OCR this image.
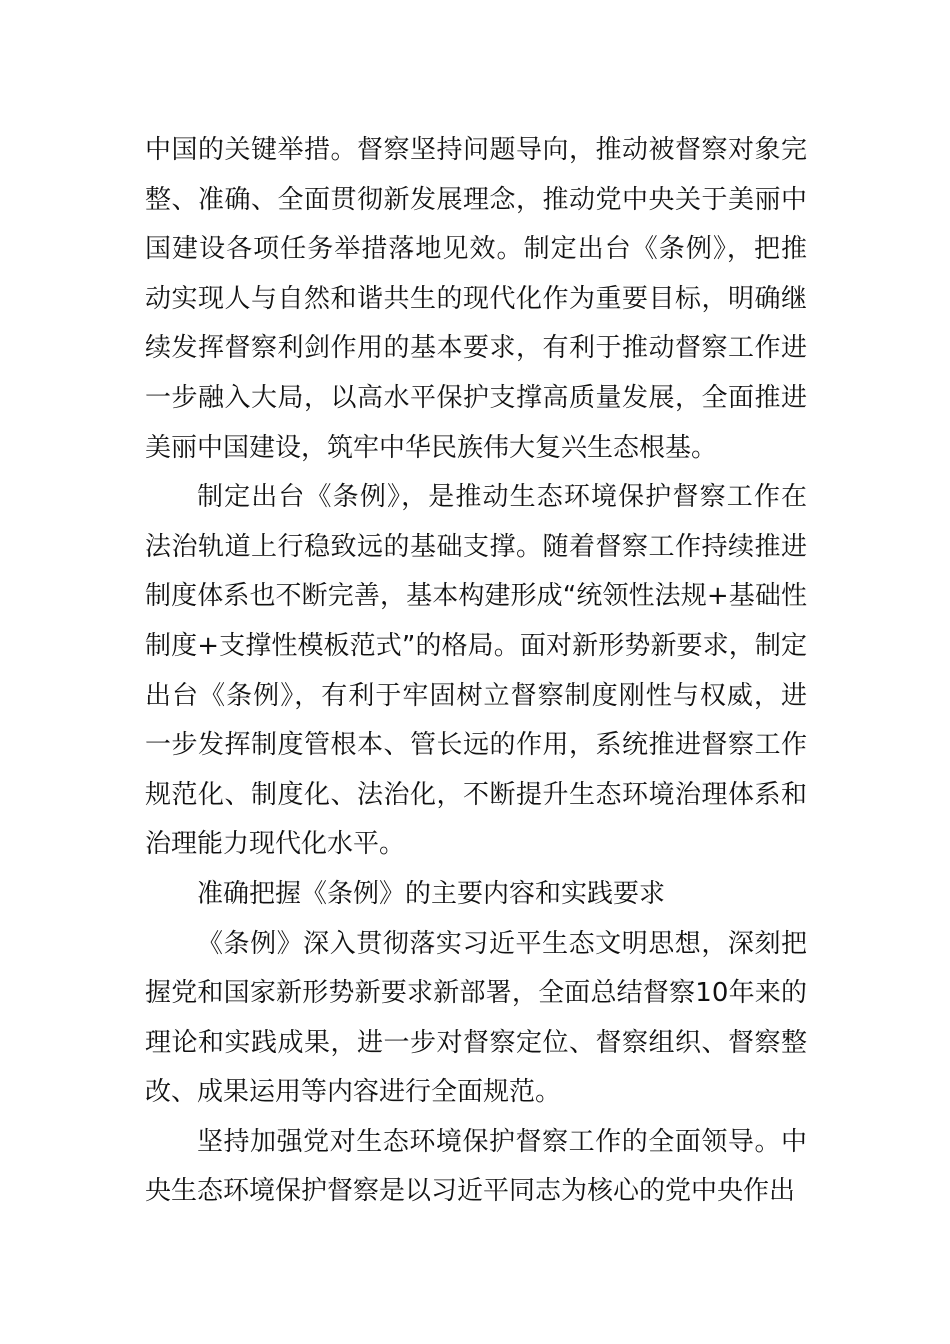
中国的关键举措。督察坚持问题导向，推动被督察对象完整、准确、全面贯彻新发展理念，推动党中央关于美丽中国建设各项任务举措落地见效。制定出台《条例》，把推动实现人与自然和谐共生的现代化作为重要目标，明确继续发挥督察利剑作用的基本要求，有利于推动督察工作进一步融入大局，以高水平保护支撑高质量发展，全面推进美丽中国建设，筑牢中华民族伟大复兴生态根基。

制定出台《条例》，是推动生态环境保护督察工作在法治轨道上行稳致远的基础支撑。随着督察工作持续推进制度体系也不断完善，基本构建形成“统领性法规+基础性制度+支撑性模板范式”的格局。面对新形势新要求，制定出台《条例》，有利于牢固树立督察制度刚性与权威，进一步发挥制度管根本、管长远的作用，系统推进督察工作规范化、制度化、法治化，不断提升生态环境治理体系和治理能力现代化水平。

准确把握《条例》的主要内容和实践要求

《条例》深入贯彻落实习近平生态文明思想，深刻把握党和国家新形势新要求新部署，全面总结督察10年来的理论和实践成果，进一步对督察定位、督察组织、督察整改、成果运用等内容进行全面规范。

坚持加强党对生态环境保护督察工作的全面领导。中央生态环境保护督察是以习近平同志为核心的党中央作出
